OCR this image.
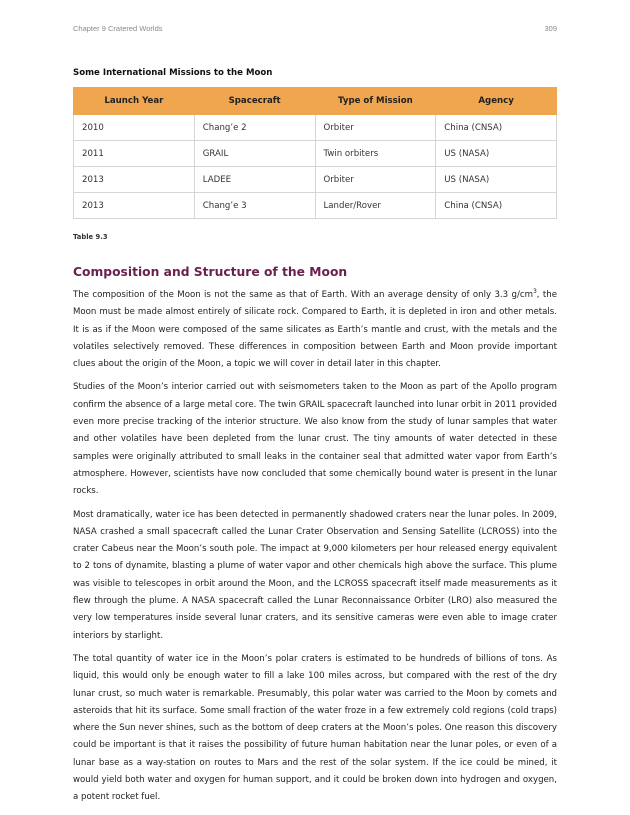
Chapter 9 Cratered Worlds	309
Some International Missions to the Moon
Launch Year	Spacecraft	Type of Mission	Agency
2010	Chang’e 2	Orbiter	China (CNSA)
2011	GRAIL	Twin orbiters	US (NASA)
2013	LADEE	Orbiter	US (NASA)
2013	Chang’e 3	Lander/Rover	China (CNSA)
Table 9.3
Composition and Structure of the Moon

The composition of the Moon is not the same as that of Earth. With an average density of only 3.3 $g/cm^3$, the Moon must be made almost entirely of silicate rock. Compared to Earth, it is depleted in iron and other metals. It is as if the Moon were composed of the same silicates as Earth’s mantle and crust, with the metals and the volatiles selectively removed. These differences in composition between Earth and Moon provide important clues about the origin of the Moon, a topic we will cover in detail later in this chapter.

Studies of the Moon’s interior carried out with seismometers taken to the Moon as part of the Apollo program confirm the absence of a large metal core. The twin GRAIL spacecraft launched into lunar orbit in 2011 provided even more precise tracking of the interior structure. We also know from the study of lunar samples that water and other volatiles have been depleted from the lunar crust. The tiny amounts of water detected in these samples were originally attributed to small leaks in the container seal that admitted water vapor from Earth’s atmosphere. However, scientists have now concluded that some chemically bound water is present in the lunar rocks.

Most dramatically, water ice has been detected in permanently shadowed craters near the lunar poles. In 2009, NASA crashed a small spacecraft called the Lunar Crater Observation and Sensing Satellite (LCROSS) into the crater Cabeus near the Moon’s south pole. The impact at 9,000 kilometers per hour released energy equivalent to 2 tons of dynamite, blasting a plume of water vapor and other chemicals high above the surface. This plume was visible to telescopes in orbit around the Moon, and the LCROSS spacecraft itself made measurements as it flew through the plume. A NASA spacecraft called the Lunar Reconnaissance Orbiter (LRO) also measured the very low temperatures inside several lunar craters, and its sensitive cameras were even able to image crater interiors by starlight.

The total quantity of water ice in the Moon’s polar craters is estimated to be hundreds of billions of tons. As liquid, this would only be enough water to fill a lake 100 miles across, but compared with the rest of the dry lunar crust, so much water is remarkable. Presumably, this polar water was carried to the Moon by comets and asteroids that hit its surface. Some small fraction of the water froze in a few extremely cold regions (cold traps) where the Sun never shines, such as the bottom of deep craters at the Moon’s poles. One reason this discovery could be important is that it raises the possibility of future human habitation near the lunar poles, or even of a lunar base as a way-station on routes to Mars and the rest of the solar system. If the ice could be mined, it would yield both water and oxygen for human support, and it could be broken down into hydrogen and oxygen, a potent rocket fuel.
